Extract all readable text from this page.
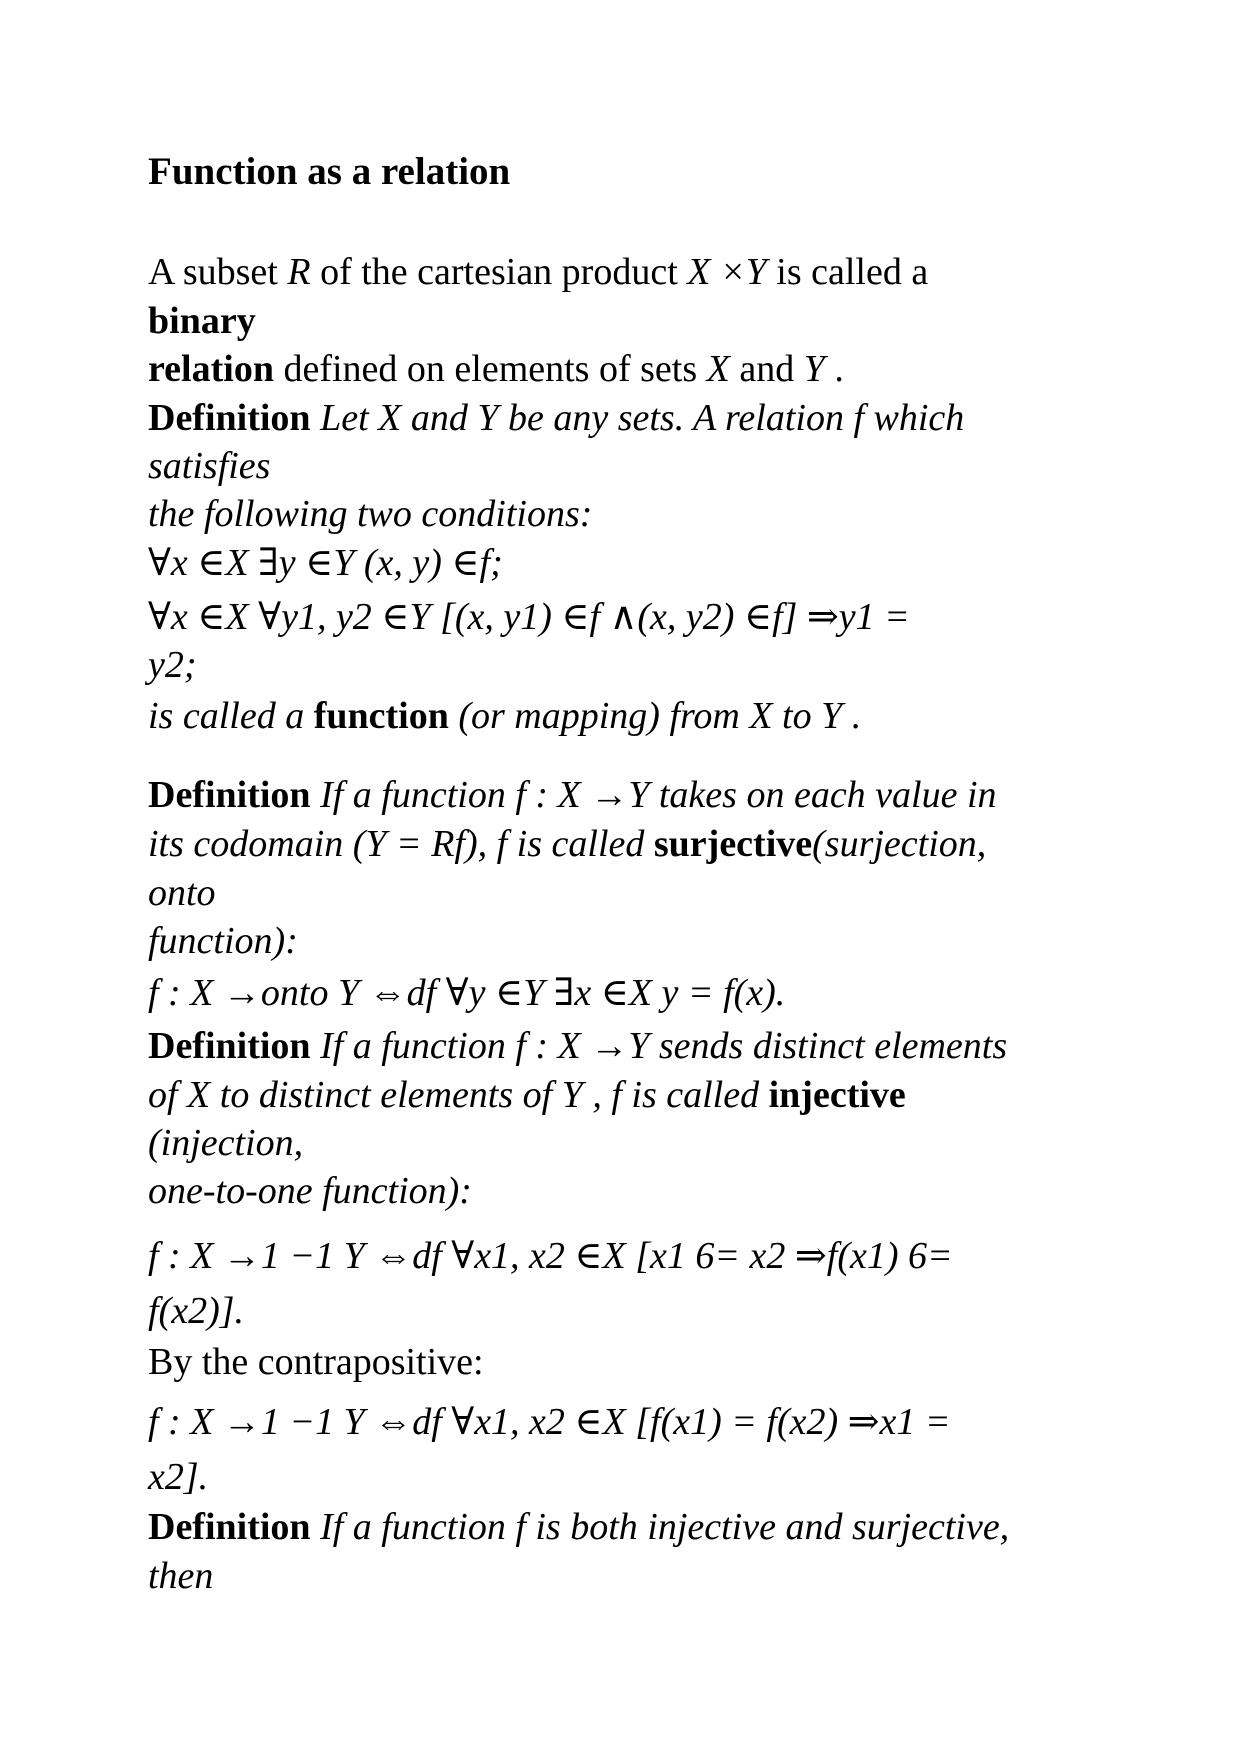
Function as a relation
A subset R of the cartesian product X ×Y is called a
binary
relation defined on elements of sets X and Y .
Definition Let X and Y be any sets. A relation f which
satisfies
the following two conditions:
∀x ∈X ∃y ∈Y (x, y) ∈f;
∀x ∈X ∀y1, y2 ∈Y [(x, y1) ∈f ∧(x, y2) ∈f] ⇒y1 =
y2;
is called a function (or mapping) from X to Y .
Definition If a function f : X →Y takes on each value in
its codomain (Y = Rf), f is called surjective(surjection,
onto
function):
f : X →onto Y ⇔df ∀y ∈Y ∃x ∈X y = f(x).
Definition If a function f : X →Y sends distinct elements
of X to distinct elements of Y , f is called injective
(injection,
one-to-one function):
f : X →1 −1 Y ⇔df ∀x1, x2 ∈X [x1 6= x2 ⇒f(x1) 6=
f(x2)].
By the contrapositive:
f : X →1 −1 Y ⇔df ∀x1, x2 ∈X [f(x1) = f(x2) ⇒x1 =
x2].
Definition If a function f is both injective and surjective,
then
